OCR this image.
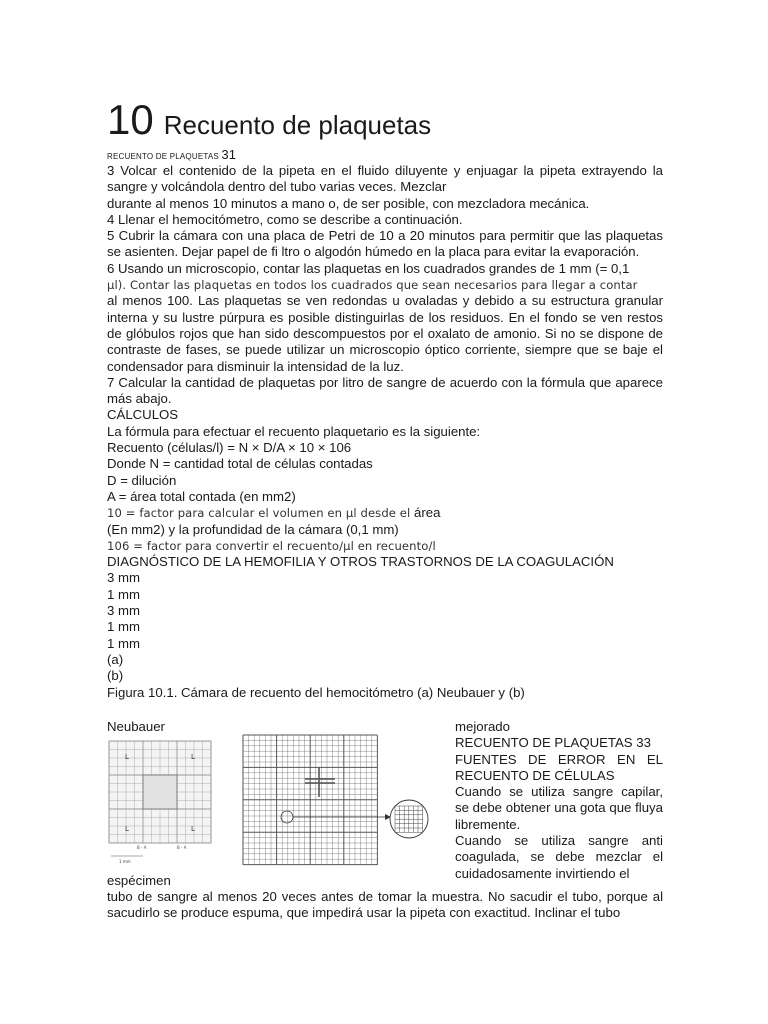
10 Recuento de plaquetas
RECUENTO DE PLAQUETAS 31

3 Volcar el contenido de la pipeta en el fluido diluyente y enjuagar la pipeta extrayendo la sangre y volcándola dentro del tubo varias veces. Mezclar

durante al menos 10 minutos a mano o, de ser posible, con mezcladora mecánica.

4 Llenar el hemocitómetro, como se describe a continuación.

5 Cubrir la cámara con una placa de Petri de 10 a 20 minutos para permitir que las plaquetas se asienten. Dejar papel de fi ltro o algodón húmedo en la placa para evitar la evaporación.

6 Usando un microscopio, contar las plaquetas en los cuadrados grandes de 1 mm (= 0,1

µl). Contar las plaquetas en todos los cuadrados que sean necesarios para llegar a contar

al menos 100. Las plaquetas se ven redondas u ovaladas y debido a su estructura granular interna y su lustre púrpura es posible distinguirlas de los residuos. En el fondo se ven restos de glóbulos rojos que han sido descompuestos por el oxalato de amonio. Si no se dispone de contraste de fases, se puede utilizar un microscopio óptico corriente, siempre que se baje el condensador para disminuir la intensidad de la luz.

7 Calcular la cantidad de plaquetas por litro de sangre de acuerdo con la fórmula que aparece más abajo.

CÁLCULOS

La fórmula para efectuar el recuento plaquetario es la siguiente:

Recuento (células/l) = N × D/A × 10 × 106

Donde N = cantidad total de células contadas

D = dilución

A = área total contada (en mm2)

10 = factor para calcular el volumen en µl desde el área

(En mm2) y la profundidad de la cámara (0,1 mm)

106 = factor para convertir el recuento/µl en recuento/l

DIAGNÓSTICO DE LA HEMOFILIA Y OTROS TRASTORNOS DE LA COAGULACIÓN

3 mm

1 mm

3 mm

1 mm

1 mm

(a)

(b)

Figura 10.1. Cámara de recuento del hemocitómetro (a) Neubauer y (b)

Neubauer	mejorado

RECUENTO DE PLAQUETAS 33

FUENTES DE ERROR EN EL RECUENTO DE CÉLULAS

Cuando se utiliza sangre capilar, se debe obtener una gota que fluya libremente.

Cuando se utiliza sangre anti coagulada, se debe mezclar el cuidadosamente invirtiendo el

espécimen
tubo de sangre al menos 20 veces antes de tomar la muestra. No sacudir el tubo, porque al sacudirlo se produce espuma, que impedirá usar la pipeta con exactitud. Inclinar el tubo
L	L
L	L
B - A	B - A
1 mm
